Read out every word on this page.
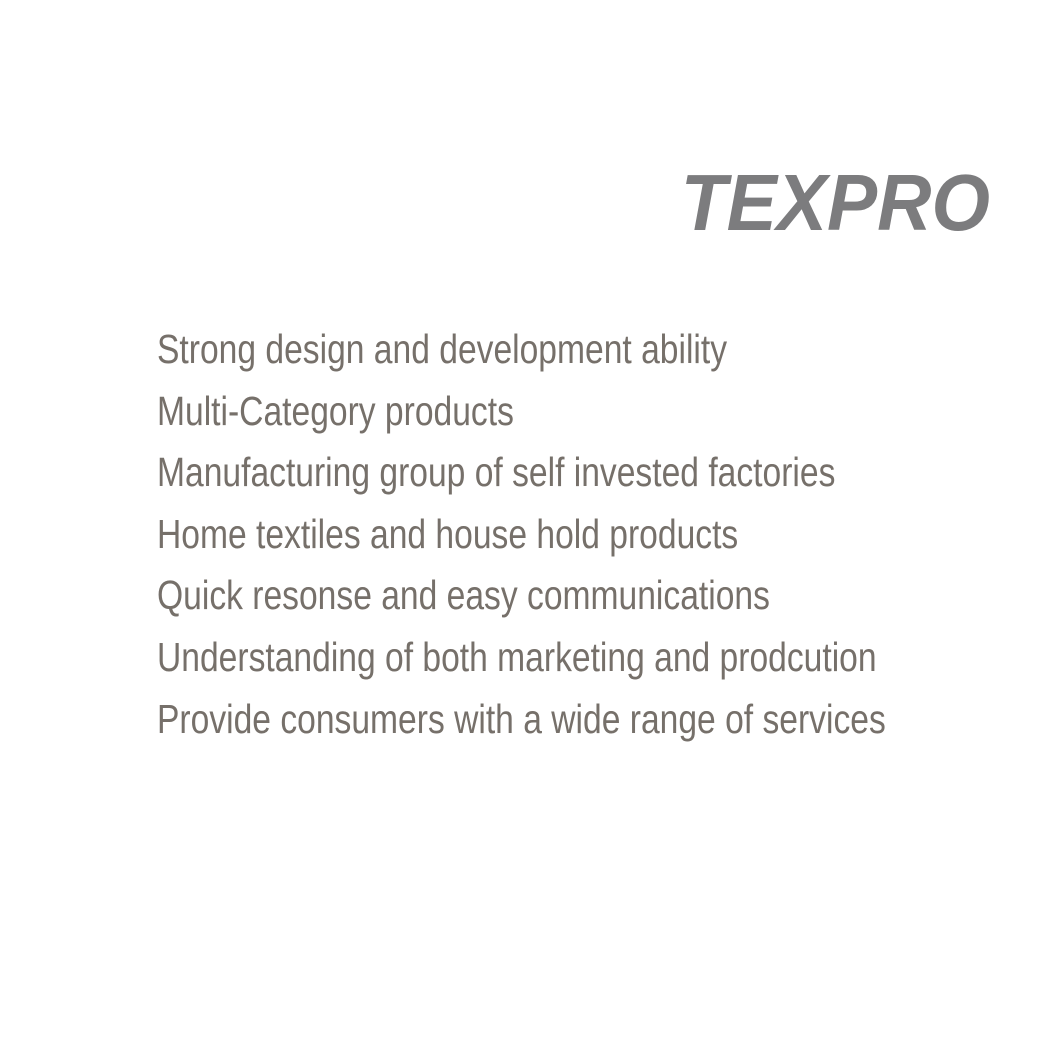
TEXPRO
Strong design and development ability
Multi-Category products
Manufacturing group of self invested factories
Home textiles and house hold products
Quick resonse and easy communications
Understanding of both marketing and prodcution
Provide consumers with a wide range of services
